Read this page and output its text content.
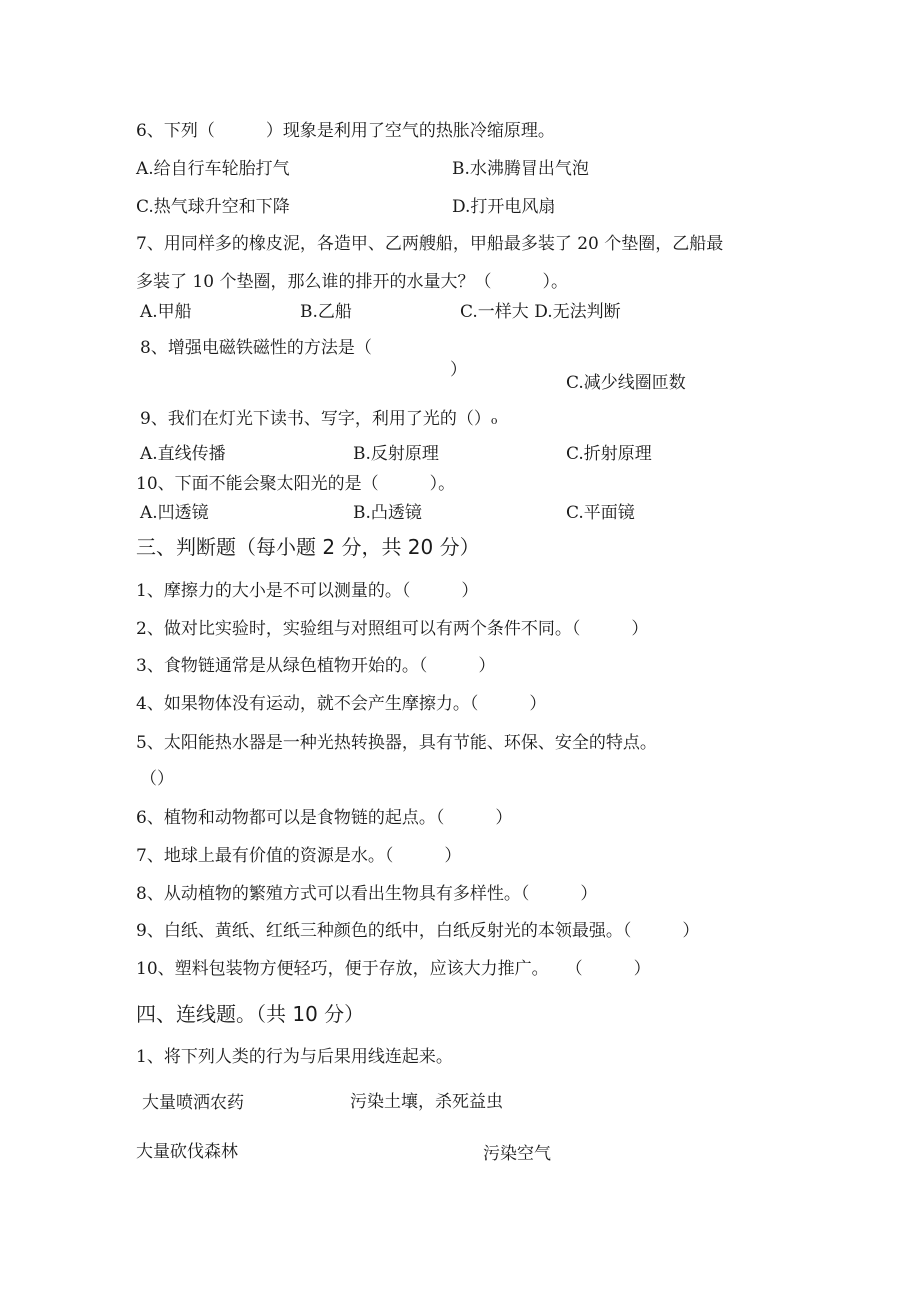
6、下列（　　　）现象是利用了空气的热胀冷缩原理。
A.给自行车轮胎打气	B.水沸腾冒出气泡
C.热气球升空和下降	D.打开电风扇
7、用同样多的橡皮泥，各造甲、乙两艘船，甲船最多装了 20 个垫圈，乙船最
多装了 10 个垫圈，那么谁的排开的水量大？（　　　）。
A.甲船	B.乙船	C.一样大 D.无法判断
8、增强电磁铁磁性的方法是（
）
C.减少线圈匝数
9、我们在灯光下读书、写字，利用了光的（）o
A.直线传播	B.反射原理	C.折射原理
10、下面不能会聚太阳光的是（　　　）。
A.凹透镜	B.凸透镜	C.平面镜
三、判断题（每小题 2 分，共 20 分）
1、摩擦力的大小是不可以测量的。（　　　）
2、做对比实验时，实验组与对照组可以有两个条件不同。（　　　）
3、食物链通常是从绿色植物开始的。（　　　）
4、如果物体没有运动，就不会产生摩擦力。（　　　）
5、太阳能热水器是一种光热转换器，具有节能、环保、安全的特点。
（）
6、植物和动物都可以是食物链的起点。（　　　）
7、地球上最有价值的资源是水。（　　　）
8、从动植物的繁殖方式可以看出生物具有多样性。（　　　）
9、白纸、黄纸、红纸三种颜色的纸中，白纸反射光的本领最强。（　　　）
10、塑料包装物方便轻巧，便于存放，应该大力推广。　　（　　　）
四、连线题。（共 10 分）
1、将下列人类的行为与后果用线连起来。
大量喷洒农药	污染土壤，杀死益虫
大量砍伐森林	污染空气
